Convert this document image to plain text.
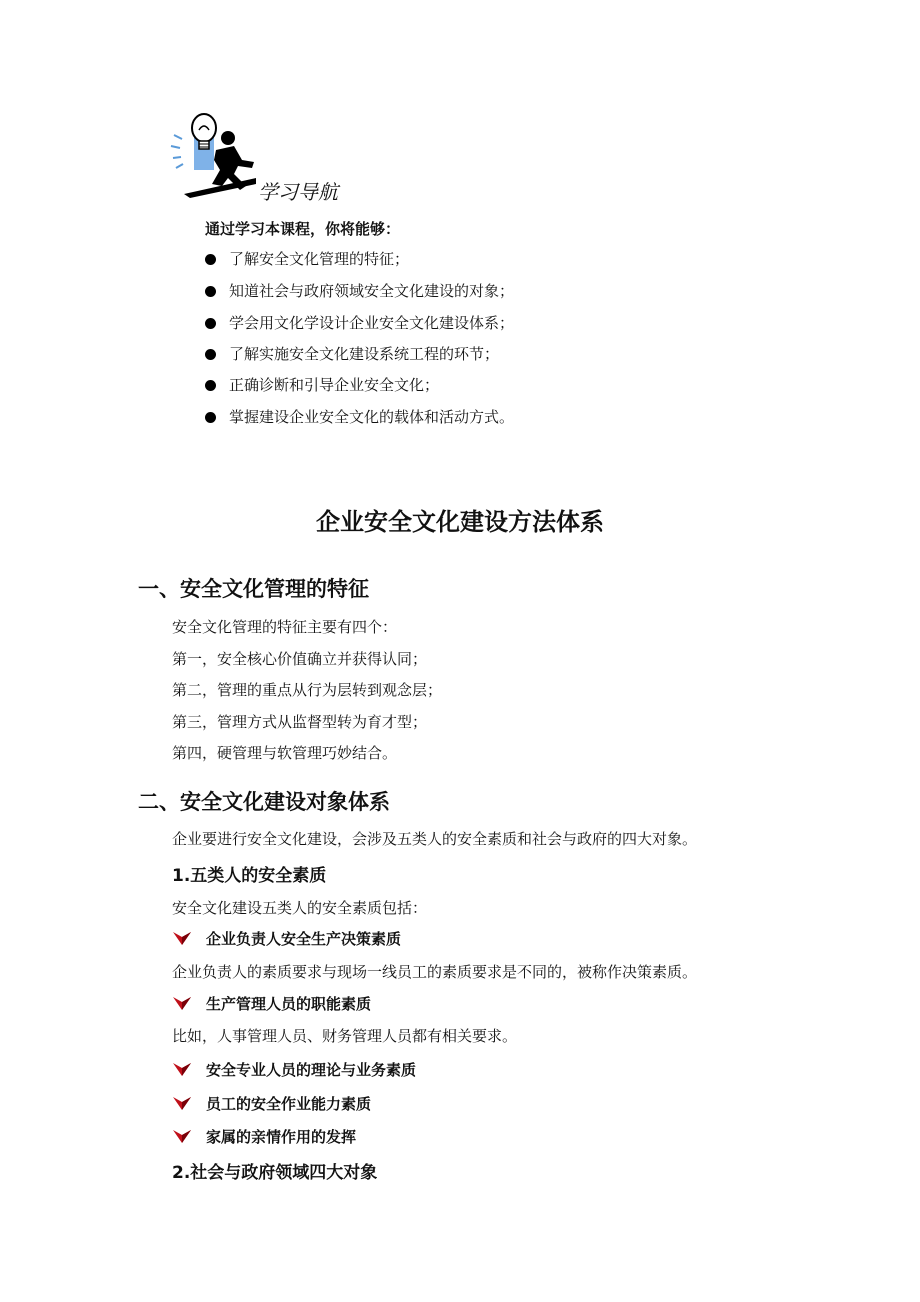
学习导航
通过学习本课程，你将能够：
了解安全文化管理的特征；
知道社会与政府领域安全文化建设的对象；
学会用文化学设计企业安全文化建设体系；
了解实施安全文化建设系统工程的环节；
正确诊断和引导企业安全文化；
掌握建设企业安全文化的载体和活动方式。
企业安全文化建设方法体系
一、安全文化管理的特征
安全文化管理的特征主要有四个：
第一，安全核心价值确立并获得认同；
第二，管理的重点从行为层转到观念层；
第三，管理方式从监督型转为育才型；
第四，硬管理与软管理巧妙结合。
二、安全文化建设对象体系
企业要进行安全文化建设，会涉及五类人的安全素质和社会与政府的四大对象。
1.五类人的安全素质
安全文化建设五类人的安全素质包括：
企业负责人安全生产决策素质
企业负责人的素质要求与现场一线员工的素质要求是不同的，被称作决策素质。
生产管理人员的职能素质
比如，人事管理人员、财务管理人员都有相关要求。
安全专业人员的理论与业务素质
员工的安全作业能力素质
家属的亲情作用的发挥
2.社会与政府领域四大对象
